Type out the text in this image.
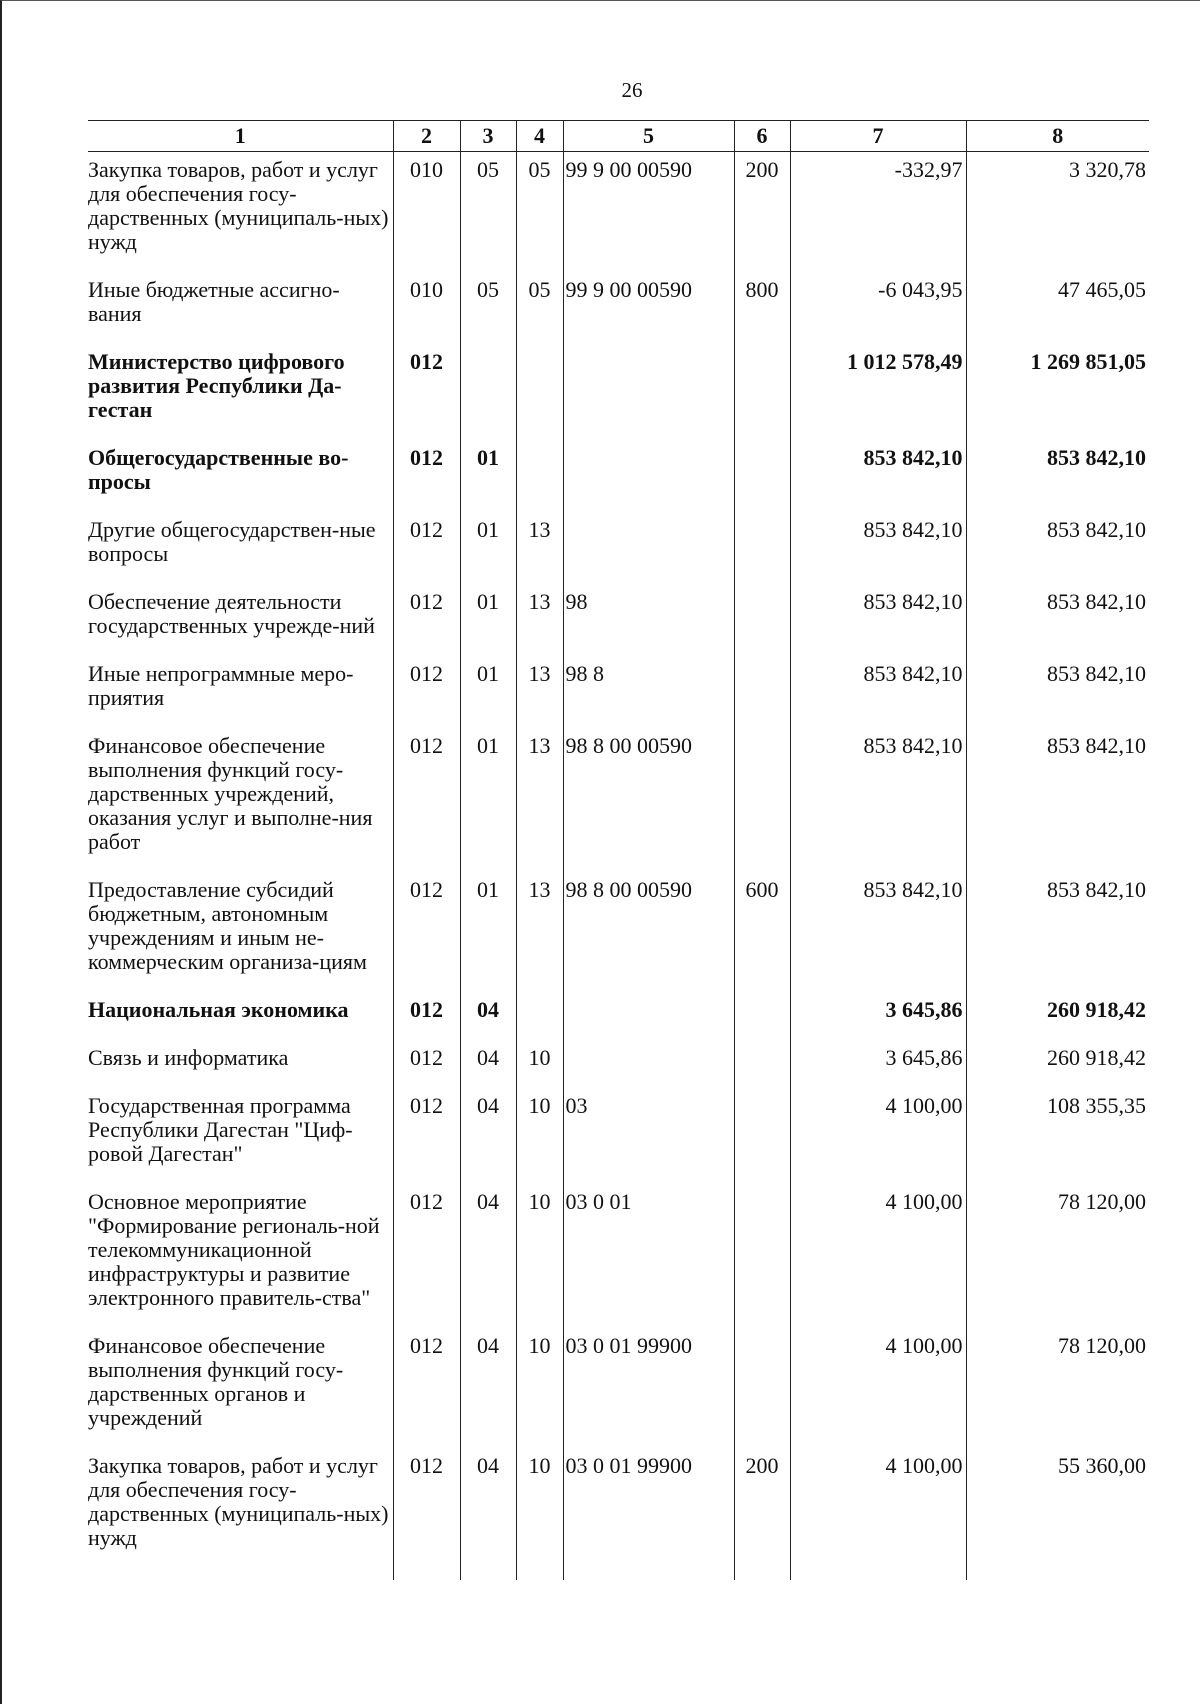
26
1	2	3	4	5	6	7	8
Закупка товаров, работ и услуг для обеспечения госу-дарственных (муниципаль-ных) нужд	010	05	05	99 9 00 00590	200	-332,97	3 320,78
Иные бюджетные ассигно-вания	010	05	05	99 9 00 00590	800	-6 043,95	47 465,05
Министерство цифрового развития Республики Да-гестан	012					1 012 578,49	1 269 851,05
Общегосударственные во-просы	012	01				853 842,10	853 842,10
Другие общегосударствен-ные вопросы	012	01	13			853 842,10	853 842,10
Обеспечение деятельности государственных учрежде-ний	012	01	13	98		853 842,10	853 842,10
Иные непрограммные меро-приятия	012	01	13	98 8		853 842,10	853 842,10
Финансовое обеспечение выполнения функций госу-дарственных учреждений, оказания услуг и выполне-ния работ	012	01	13	98 8 00 00590		853 842,10	853 842,10
Предоставление субсидий бюджетным, автономным учреждениям и иным не-коммерческим организа-циям	012	01	13	98 8 00 00590	600	853 842,10	853 842,10
Национальная экономика	012	04				3 645,86	260 918,42
Связь и информатика	012	04	10			3 645,86	260 918,42
Государственная программа Республики Дагестан "Циф-ровой Дагестан"	012	04	10	03		4 100,00	108 355,35
Основное мероприятие "Формирование региональ-ной телекоммуникационной инфраструктуры и развитие электронного правитель-ства"	012	04	10	03 0 01		4 100,00	78 120,00
Финансовое обеспечение выполнения функций госу-дарственных органов и учреждений	012	04	10	03 0 01 99900		4 100,00	78 120,00
Закупка товаров, работ и услуг для обеспечения госу-дарственных (муниципаль-ных) нужд	012	04	10	03 0 01 99900	200	4 100,00	55 360,00
